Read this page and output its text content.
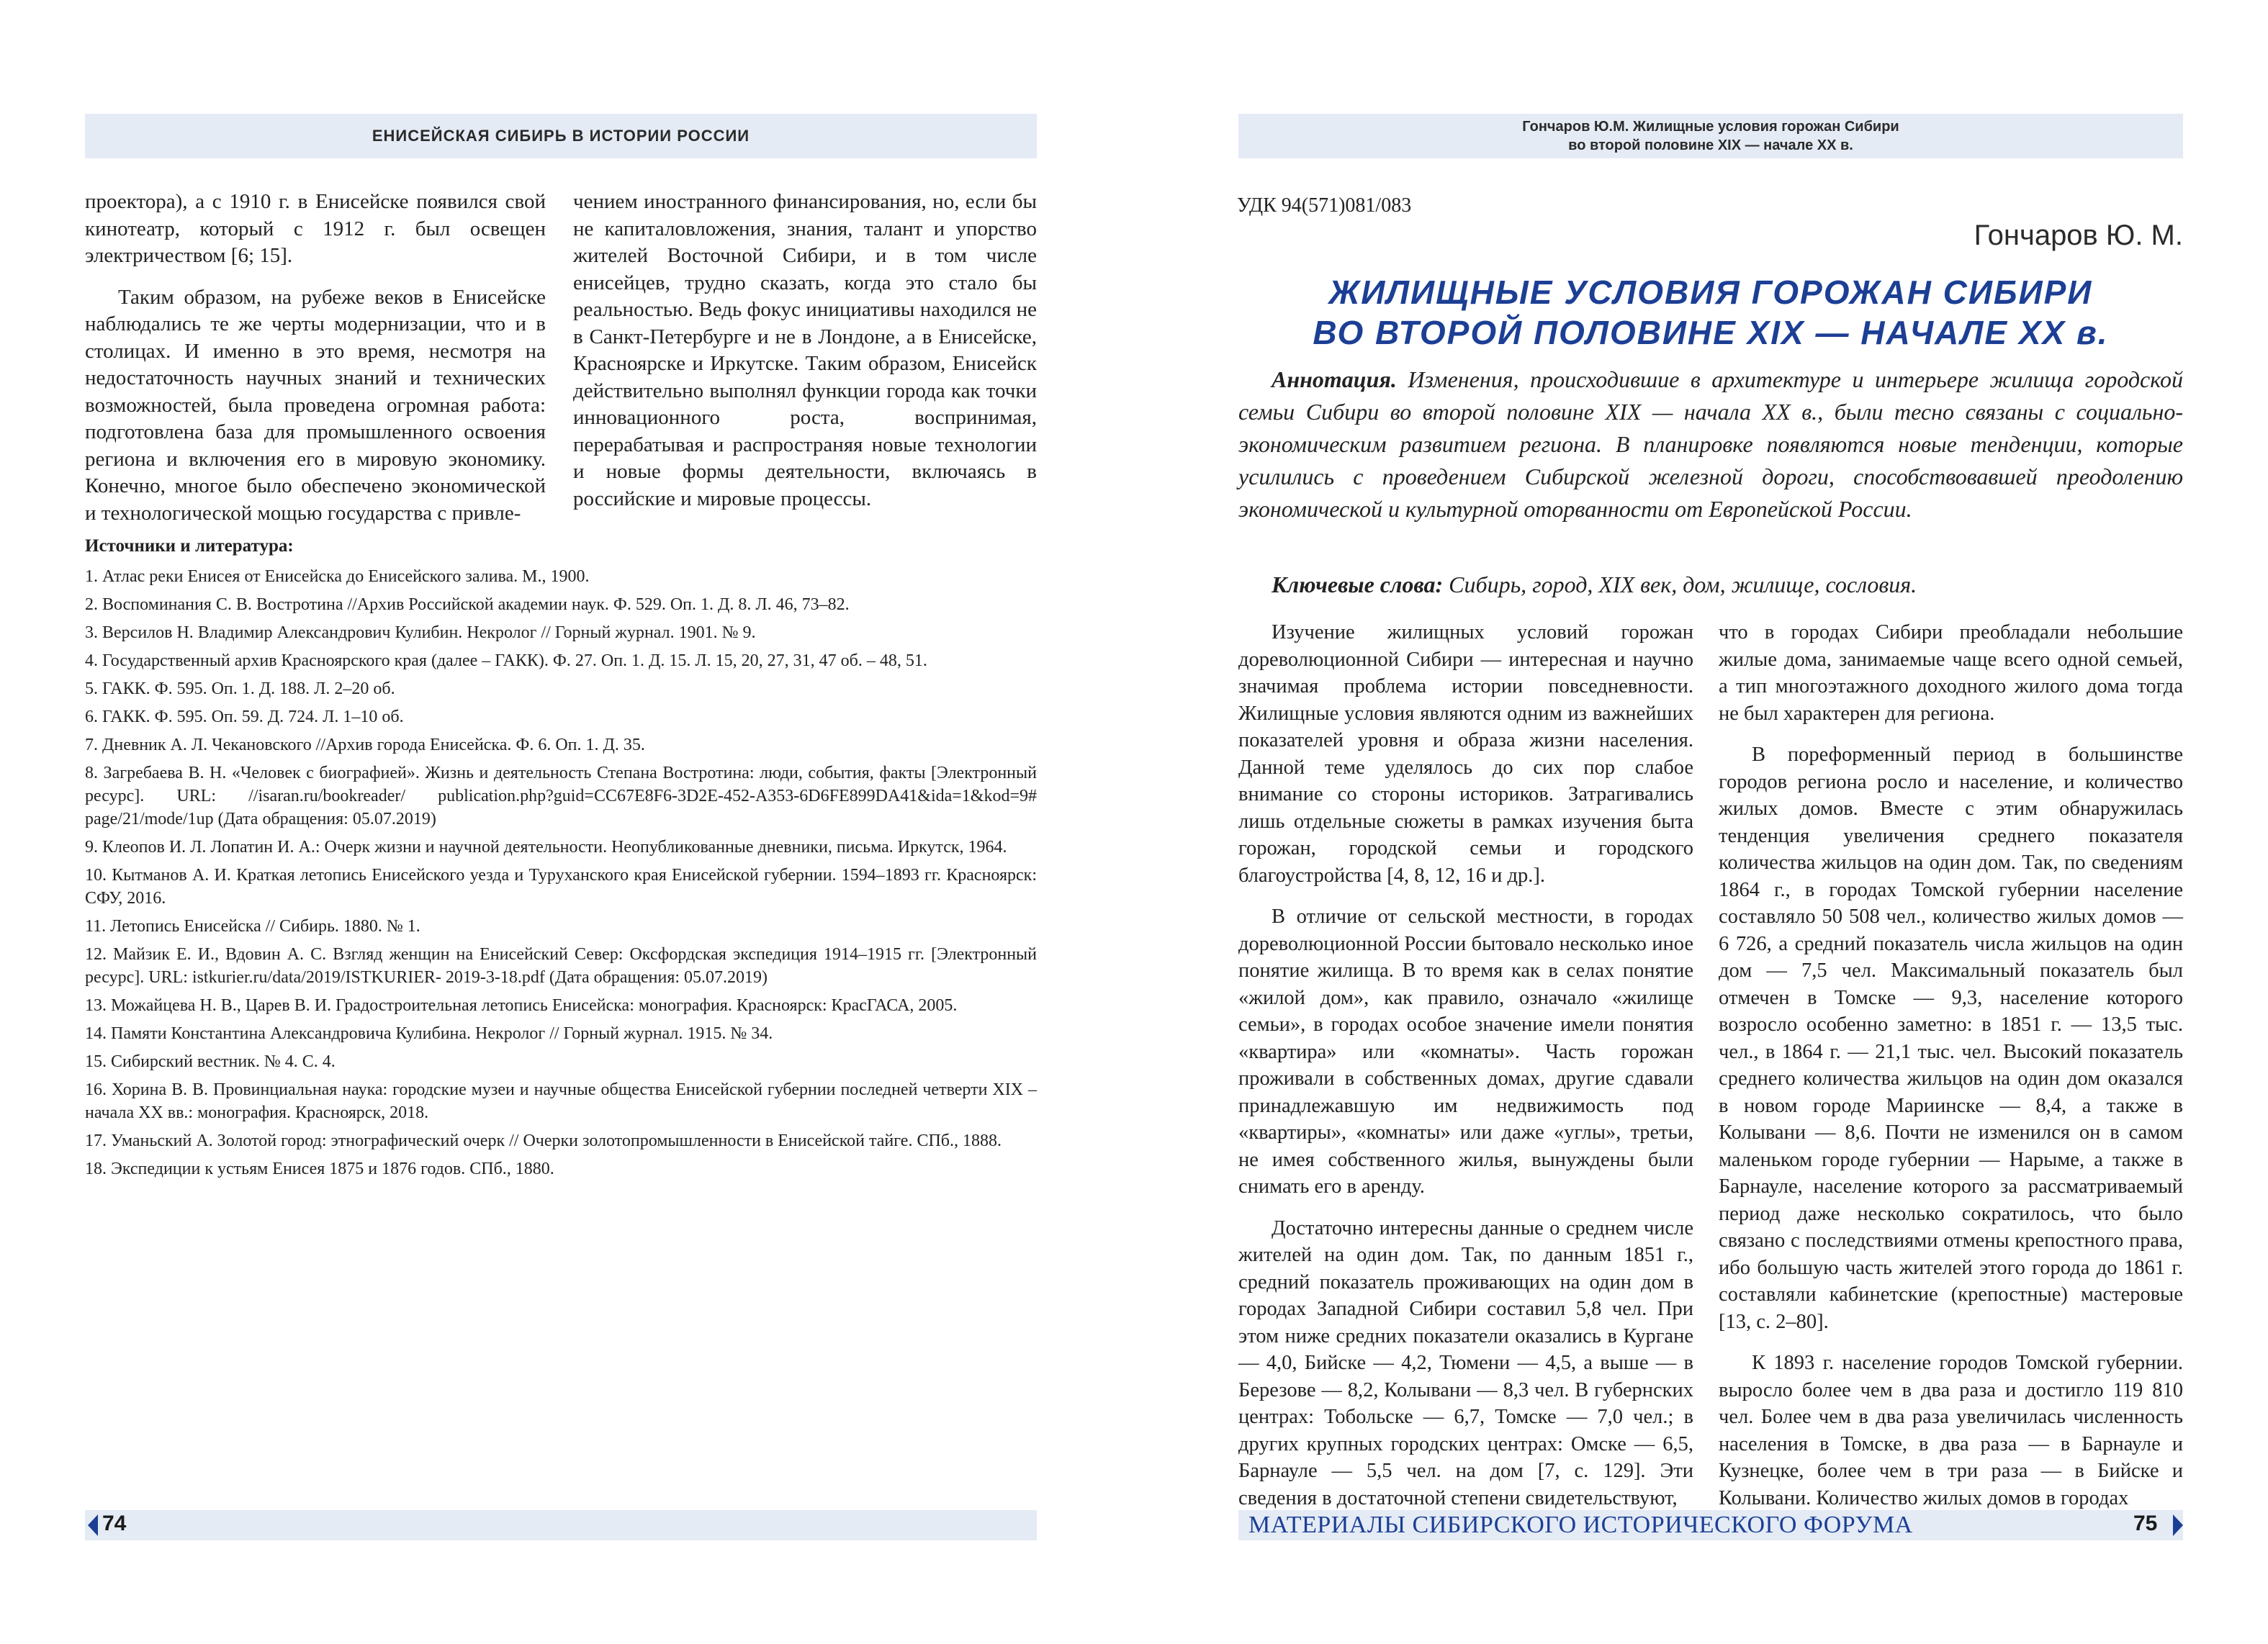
ЕНИСЕЙСКАЯ СИБИРЬ В ИСТОРИИ РОССИИ

проектора), а с 1910 г. в Енисейске появился свой кинотеатр, который с 1912 г. был освещен электричеством [6; 15].

Таким образом, на рубеже веков в Енисейске наблюдались те же черты модернизации, что и в столицах. И именно в это время, несмотря на недостаточность научных знаний и технических возможностей, была проведена огромная работа: подготовлена база для промышленного освоения региона и включения его в мировую экономику. Конечно, многое было обеспечено экономической и технологической мощью государства с привле-

чением иностранного финансирования, но, если бы не капиталовложения, знания, талант и упорство жителей Восточной Сибири, и в том числе енисейцев, трудно сказать, когда это стало бы реальностью. Ведь фокус инициативы находился не в Санкт-Петербурге и не в Лондоне, а в Енисейске, Красноярске и Иркутске. Таким образом, Енисейск действительно выполнял функции города как точки инновационного роста, воспринимая, перерабатывая и распространяя новые технологии и новые формы деятельности, включаясь в российские и мировые процессы.

Источники и литература:
1. Атлас реки Енисея от Енисейска до Енисейского залива. М., 1900.
2. Воспоминания С. В. Востротина //Архив Российской академии наук. Ф. 529. Оп. 1. Д. 8. Л. 46, 73–82.
3. Версилов Н. Владимир Александрович Кулибин. Некролог // Горный журнал. 1901. № 9.
4. Государственный архив Красноярского края (далее – ГАКК). Ф. 27. Оп. 1. Д. 15. Л. 15, 20, 27, 31, 47 об. – 48, 51.
5. ГАКК. Ф. 595. Оп. 1. Д. 188. Л. 2–20 об.
6. ГАКК. Ф. 595. Оп. 59. Д. 724. Л. 1–10 об.
7. Дневник А. Л. Чекановского //Архив города Енисейска. Ф. 6. Оп. 1. Д. 35.
8. Загребаева В. Н. «Человек с биографией». Жизнь и деятельность Степана Востротина: люди, события, факты [Электронный ресурс]. URL: //isaran.ru/bookreader/ publication.php?guid=CC67E8F6-3D2E-452-A353-6D6FE899DA41&ida=1&kod=9# page/21/mode/1up (Дата обращения: 05.07.2019)
9. Клеопов И. Л. Лопатин И. А.: Очерк жизни и научной деятельности. Неопубликованные дневники, письма. Иркутск, 1964.
10. Кытманов А. И. Краткая летопись Енисейского уезда и Туруханского края Енисейской губернии. 1594–1893 гг. Красноярск: СФУ, 2016.
11. Летопись Енисейска // Сибирь. 1880. № 1.
12. Майзик Е. И., Вдовин А. С. Взгляд женщин на Енисейский Север: Оксфордская экспедиция 1914–1915 гг. [Электронный ресурс]. URL: istkurier.ru/data/2019/ISTKURIER- 2019-3-18.pdf (Дата обращения: 05.07.2019)
13. Можайцева Н. В., Царев В. И. Градостроительная летопись Енисейска: монография. Красноярск: КрасГАСА, 2005.
14. Памяти Константина Александровича Кулибина. Некролог // Горный журнал. 1915. № 34.
15. Сибирский вестник. № 4. С. 4.
16. Хорина В. В. Провинциальная наука: городские музеи и научные общества Енисейской губернии последней четверти XIX – начала XX вв.: монография. Красноярск, 2018.
17. Уманьский А. Золотой город: этнографический очерк // Очерки золотопромышленности в Енисейской тайге. СПб., 1888.
18. Экспедиции к устьям Енисея 1875 и 1876 годов. СПб., 1880.
74
Гончаров Ю.М. Жилищные условия горожан Сибири
во второй половине XIX — начале XX в.
УДК 94(571)081/083
Гончаров Ю. М.
ЖИЛИЩНЫЕ УСЛОВИЯ ГОРОЖАН СИБИРИ
ВО ВТОРОЙ ПОЛОВИНЕ XIX — НАЧАЛЕ XX в.

Аннотация. Изменения, происходившие в архитектуре и интерьере жилища городской семьи Сибири во второй половине XIX — начала XX в., были тесно связаны с социально-экономическим развитием региона. В планировке появляются новые тенденции, которые усилились с проведением Сибирской железной дороги, способствовавшей преодолению экономической и культурной оторванности от Европейской России.

Ключевые слова: Сибирь, город, XIX век, дом, жилище, сословия.

Изучение жилищных условий горожан дореволюционной Сибири — интересная и научно значимая проблема истории повседневности. Жилищные условия являются одним из важнейших показателей уровня и образа жизни населения. Данной теме уделялось до сих пор слабое внимание со стороны историков. Затрагивались лишь отдельные сюжеты в рамках изучения быта горожан, городской семьи и городского благоустройства [4, 8, 12, 16 и др.].

В отличие от сельской местности, в городах дореволюционной России бытовало несколько иное понятие жилища. В то время как в селах понятие «жилой дом», как правило, означало «жилище семьи», в городах особое значение имели понятия «квартира» или «комнаты». Часть горожан проживали в собственных домах, другие сдавали принадлежавшую им недвижимость под «квартиры», «комнаты» или даже «углы», третьи, не имея собственного жилья, вынуждены были снимать его в аренду.

Достаточно интересны данные о среднем числе жителей на один дом. Так, по данным 1851 г., средний показатель проживающих на один дом в городах Западной Сибири составил 5,8 чел. При этом ниже средних показатели оказались в Кургане — 4,0, Бийске — 4,2, Тюмени — 4,5, а выше — в Березове — 8,2, Колывани — 8,3 чел. В губернских центрах: Тобольске — 6,7, Томске — 7,0 чел.; в других крупных городских центрах: Омске — 6,5, Барнауле — 5,5 чел. на дом [7, с. 129]. Эти сведения в достаточной степени свидетельствуют,

что в городах Сибири преобладали небольшие жилые дома, занимаемые чаще всего одной семьей, а тип многоэтажного доходного жилого дома тогда не был характерен для региона.

В пореформенный период в большинстве городов региона росло и население, и количество жилых домов. Вместе с этим обнаружилась тенденция увеличения среднего показателя количества жильцов на один дом. Так, по сведениям 1864 г., в городах Томской губернии население составляло 50 508 чел., количество жилых домов — 6 726, а средний показатель числа жильцов на один дом — 7,5 чел. Максимальный показатель был отмечен в Томске — 9,3, население которого возросло особенно заметно: в 1851 г. — 13,5 тыс. чел., в 1864 г. — 21,1 тыс. чел. Высокий показатель среднего количества жильцов на один дом оказался в новом городе Мариинске — 8,4, а также в Колывани — 8,6. Почти не изменился он в самом маленьком городе губернии — Нарыме, а также в Барнауле, население которого за рассматриваемый период даже несколько сократилось, что было связано с последствиями отмены крепостного права, ибо большую часть жителей этого города до 1861 г. составляли кабинетские (крепостные) мастеровые [13, с. 2–80].

К 1893 г. население городов Томской губернии. выросло более чем в два раза и достигло 119 810 чел. Более чем в два раза увеличилась численность населения в Томске, в два раза — в Барнауле и Кузнецке, более чем в три раза — в Бийске и Колывани. Количество жилых домов в городах

МАТЕРИАЛЫ СИБИРСКОГО ИСТОРИЧЕСКОГО ФОРУМА	75
